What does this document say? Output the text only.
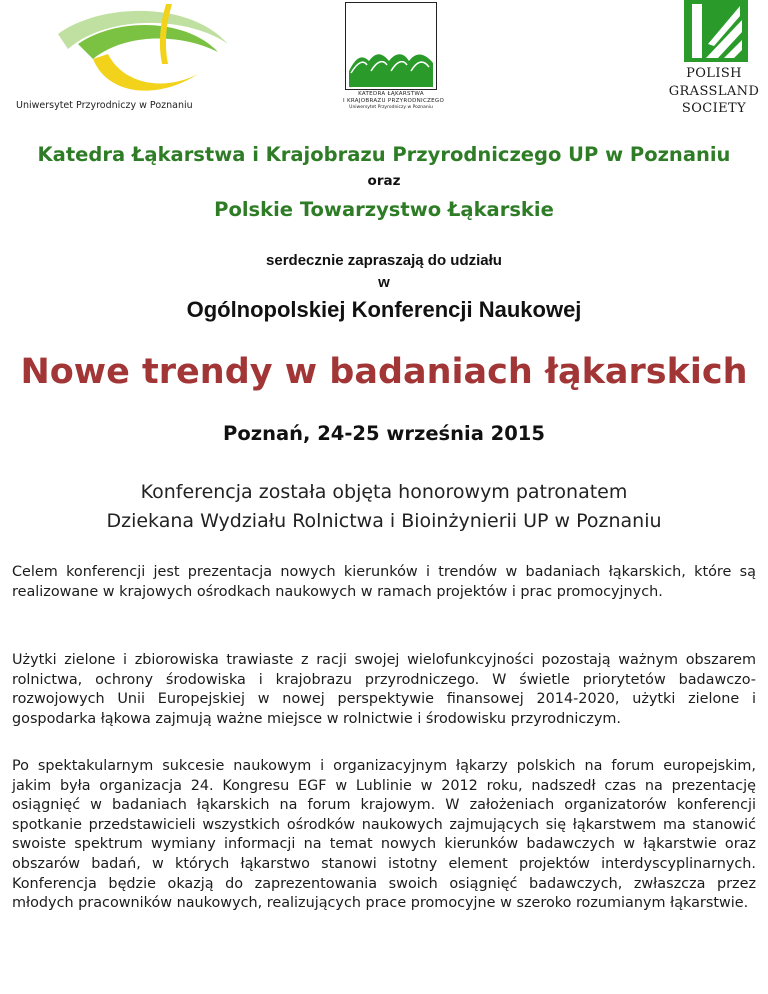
Uniwersytet Przyrodniczy w Poznaniu
KATEDRA ŁĄKARSTWA
I KRAJOBRAZU PRZYRODNICZEGO
Uniwersytet Przyrodniczy w Poznaniu
POLISH
GRASSLAND
SOCIETY
Katedra Łąkarstwa i Krajobrazu Przyrodniczego UP w Poznaniu
oraz
Polskie Towarzystwo Łąkarskie
serdecznie zapraszają do udziału
w
Ogólnopolskiej Konferencji Naukowej
Nowe trendy w badaniach łąkarskich
Poznań, 24-25 września 2015
Konferencja została objęta honorowym patronatem
Dziekana Wydziału Rolnictwa i Bioinżynierii UP w Poznaniu

Celem konferencji jest prezentacja nowych kierunków i trendów w badaniach łąkarskich, które są realizowane w krajowych ośrodkach naukowych w ramach projektów i prac promocyjnych.

Użytki zielone i zbiorowiska trawiaste z racji swojej wielofunkcyjności pozostają ważnym obszarem rolnictwa, ochrony środowiska i krajobrazu przyrodniczego. W świetle priorytetów badawczo-rozwojowych Unii Europejskiej w nowej perspektywie finansowej 2014-2020, użytki zielone i gospodarka łąkowa zajmują ważne miejsce w rolnictwie i środowisku przyrodniczym.

Po spektakularnym sukcesie naukowym i organizacyjnym łąkarzy polskich na forum europejskim, jakim była organizacja 24. Kongresu EGF w Lublinie w 2012 roku, nadszedł czas na prezentację osiągnięć w badaniach łąkarskich na forum krajowym. W założeniach organizatorów konferencji spotkanie przedstawicieli wszystkich ośrodków naukowych zajmujących się łąkarstwem ma stanowić swoiste spektrum wymiany informacji na temat nowych kierunków badawczych w łąkarstwie oraz obszarów badań, w których łąkarstwo stanowi istotny element projektów interdyscyplinarnych. Konferencja będzie okazją do zaprezentowania swoich osiągnięć badawczych, zwłaszcza przez młodych pracowników naukowych, realizujących prace promocyjne w szeroko rozumianym łąkarstwie.
